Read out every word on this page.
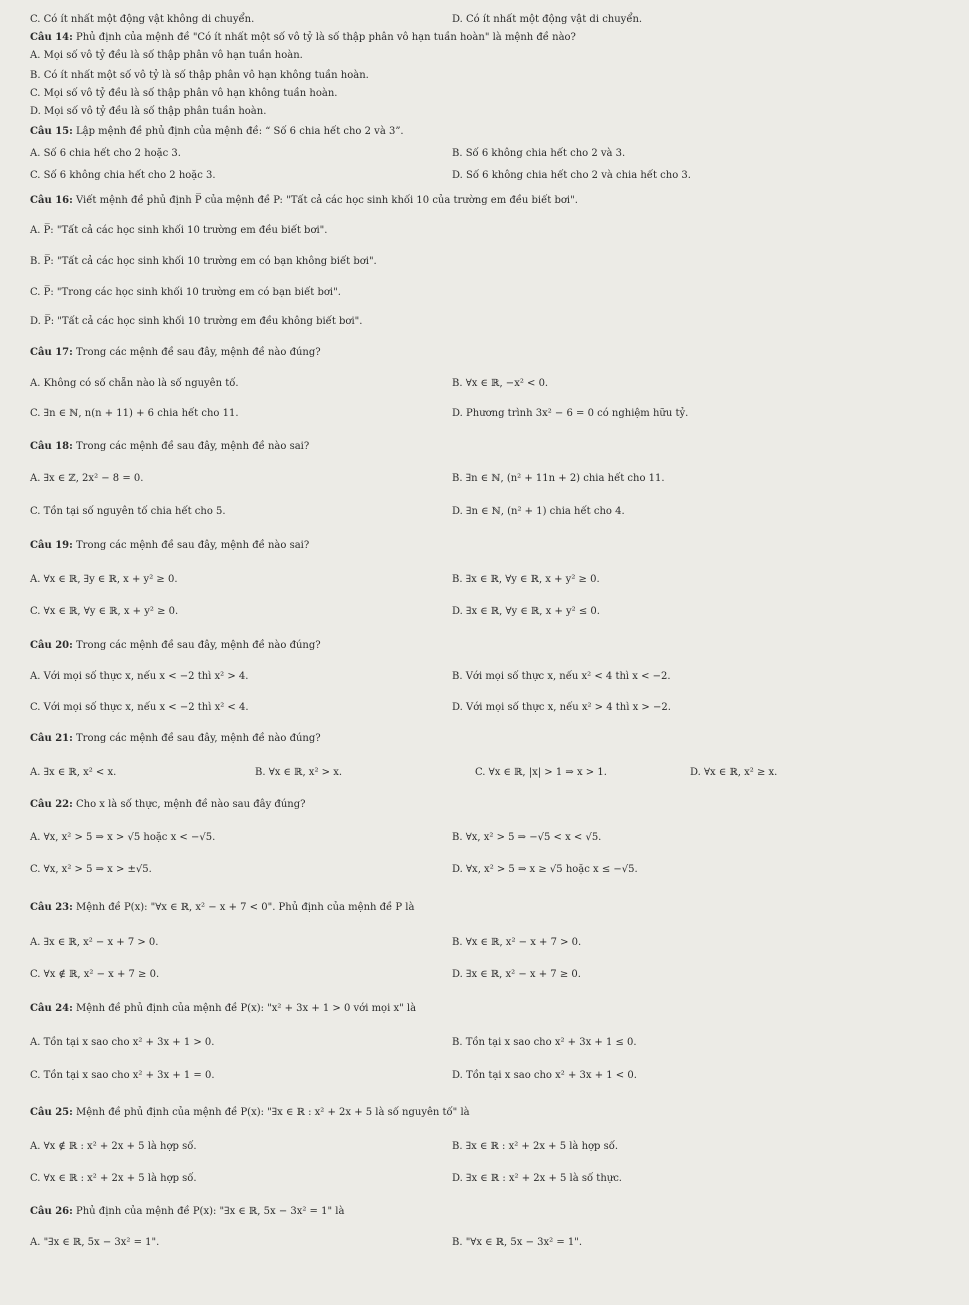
C. Có ít nhất một động vật không di chuyển.	D. Có ít nhất một động vật di chuyển.
Câu 14: Phủ định của mệnh đề "Có ít nhất một số vô tỷ là số thập phân vô hạn tuần hoàn" là mệnh đề nào?
A. Mọi số vô tỷ đều là số thập phân vô hạn tuần hoàn.
B. Có ít nhất một số vô tỷ là số thập phân vô hạn không tuần hoàn.
C. Mọi số vô tỷ đều là số thập phân vô hạn không tuần hoàn.
D. Mọi số vô tỷ đều là số thập phân tuần hoàn.
Câu 15: Lập mệnh đề phủ định của mệnh đề: “ Số 6 chia hết cho 2 và 3”.
A. Số 6 chia hết cho 2 hoặc 3.	B. Số 6 không chia hết cho 2 và 3.
C. Số 6 không chia hết cho 2 hoặc 3.	D. Số 6 không chia hết cho 2 và chia hết cho 3.
Câu 16: Viết mệnh đề phủ định P̅ của mệnh đề P: "Tất cả các học sinh khối 10 của trường em đều biết bơi".
A. P̅: "Tất cả các học sinh khối 10 trường em đều biết bơi".
B. P̅: "Tất cả các học sinh khối 10 trường em có bạn không biết bơi".
C. P̅: "Trong các học sinh khối 10 trường em có bạn biết bơi".
D. P̅: "Tất cả các học sinh khối 10 trường em đều không biết bơi".
Câu 17: Trong các mệnh đề sau đây, mệnh đề nào đúng?
A. Không có số chẵn nào là số nguyên tố.	B. ∀x ∈ ℝ, −x² < 0.
C. ∃n ∈ ℕ, n(n + 11) + 6 chia hết cho 11.	D. Phương trình 3x² − 6 = 0 có nghiệm hữu tỷ.
Câu 18: Trong các mệnh đề sau đây, mệnh đề nào sai?
A. ∃x ∈ ℤ, 2x² − 8 = 0.	B. ∃n ∈ ℕ, (n² + 11n + 2) chia hết cho 11.
C. Tồn tại số nguyên tố chia hết cho 5.	D. ∃n ∈ ℕ, (n² + 1) chia hết cho 4.
Câu 19: Trong các mệnh đề sau đây, mệnh đề nào sai?
A. ∀x ∈ ℝ, ∃y ∈ ℝ, x + y² ≥ 0.	B. ∃x ∈ ℝ, ∀y ∈ ℝ, x + y² ≥ 0.
C. ∀x ∈ ℝ, ∀y ∈ ℝ, x + y² ≥ 0.	D. ∃x ∈ ℝ, ∀y ∈ ℝ, x + y² ≤ 0.
Câu 20: Trong các mệnh đề sau đây, mệnh đề nào đúng?
A. Với mọi số thực x, nếu x < −2 thì x² > 4.	B. Với mọi số thực x, nếu x² < 4 thì x < −2.
C. Với mọi số thực x, nếu x < −2 thì x² < 4.	D. Với mọi số thực x, nếu x² > 4 thì x > −2.
Câu 21: Trong các mệnh đề sau đây, mệnh đề nào đúng?
A. ∃x ∈ ℝ, x² < x.	B. ∀x ∈ ℝ, x² > x.	C. ∀x ∈ ℝ, |x| > 1 ⇒ x > 1.	D. ∀x ∈ ℝ, x² ≥ x.
Câu 22: Cho x là số thực, mệnh đề nào sau đây đúng?
A. ∀x, x² > 5 ⇒ x > √5 hoặc x < −√5.	B. ∀x, x² > 5 ⇒ −√5 < x < √5.
C. ∀x, x² > 5 ⇒ x > ±√5.	D. ∀x, x² > 5 ⇒ x ≥ √5 hoặc x ≤ −√5.
Câu 23: Mệnh đề P(x): "∀x ∈ ℝ, x² − x + 7 < 0". Phủ định của mệnh đề P là
A. ∃x ∈ ℝ, x² − x + 7 > 0.	B. ∀x ∈ ℝ, x² − x + 7 > 0.
C. ∀x ∉ ℝ, x² − x + 7 ≥ 0.	D. ∃x ∈ ℝ, x² − x + 7 ≥ 0.
Câu 24: Mệnh đề phủ định của mệnh đề P(x): "x² + 3x + 1 > 0 với mọi x" là
A. Tồn tại x sao cho x² + 3x + 1 > 0.	B. Tồn tại x sao cho x² + 3x + 1 ≤ 0.
C. Tồn tại x sao cho x² + 3x + 1 = 0.	D. Tồn tại x sao cho x² + 3x + 1 < 0.
Câu 25: Mệnh đề phủ định của mệnh đề P(x): "∃x ∈ ℝ : x² + 2x + 5 là số nguyên tố" là
A. ∀x ∉ ℝ : x² + 2x + 5 là hợp số.	B. ∃x ∈ ℝ : x² + 2x + 5 là hợp số.
C. ∀x ∈ ℝ : x² + 2x + 5 là hợp số.	D. ∃x ∈ ℝ : x² + 2x + 5 là số thực.
Câu 26: Phủ định của mệnh đề P(x): "∃x ∈ ℝ, 5x − 3x² = 1" là
A. "∃x ∈ ℝ, 5x − 3x² = 1".	B. "∀x ∈ ℝ, 5x − 3x² = 1".
